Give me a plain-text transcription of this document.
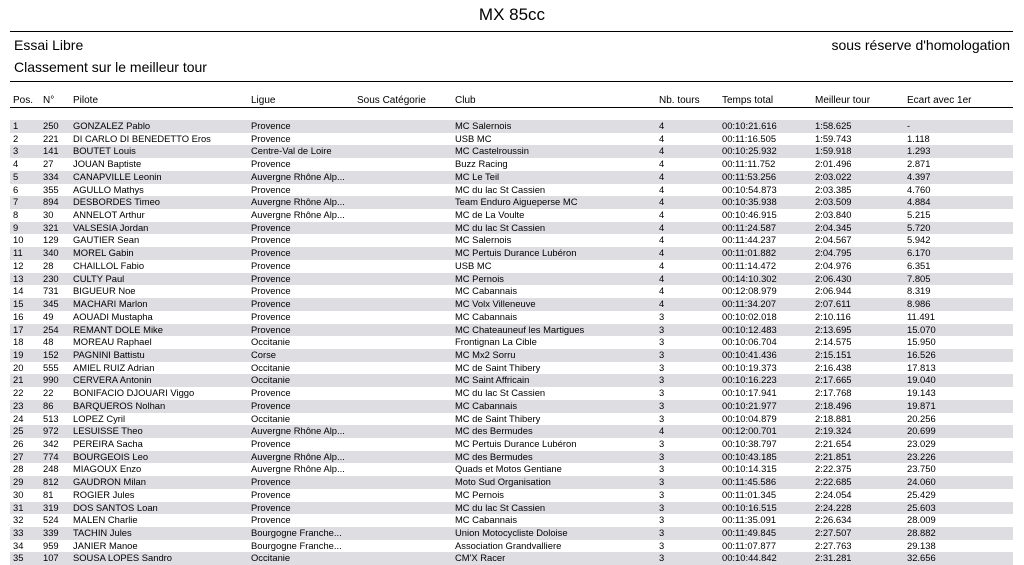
MX 85cc
Essai Libre
Classement sur le meilleur tour
sous réserve d'homologation
Pos. N°	Pilote	Ligue	Sous Catégorie	Club	Nb. tours	Temps total	Meilleur tour	Ecart avec 1er
1	250	GONZALEZ Pablo	Provence	MC Salernois	4	00:10:21.616	1:58.625	-
2	221	DI CARLO DI BENEDETTO Eros	Provence	USB MC	4	00:11:16.505	1:59.743	1.118
3	141	BOUTET Louis	Centre-Val de Loire	MC Castelroussin	4	00:10:25.932	1:59.918	1.293
4	27	JOUAN Baptiste	Provence	Buzz Racing	4	00:11:11.752	2:01.496	2.871
5	334	CANAPVILLE Leonin	Auvergne Rhône Alp...	MC Le Teil	4	00:11:53.256	2:03.022	4.397
6	355	AGULLO Mathys	Provence	MC du lac St Cassien	4	00:10:54.873	2:03.385	4.760
7	894	DESBORDES Timeo	Auvergne Rhône Alp...	Team Enduro Aigueperse MC	4	00:10:35.938	2:03.509	4.884
8	30	ANNELOT Arthur	Auvergne Rhône Alp...	MC de La Voulte	4	00:10:46.915	2:03.840	5.215
9	321	VALSESIA Jordan	Provence	MC du lac St Cassien	4	00:11:24.587	2:04.345	5.720
10	129	GAUTIER Sean	Provence	MC Salernois	4	00:11:44.237	2:04.567	5.942
11	340	MOREL Gabin	Provence	MC Pertuis Durance Lubéron	4	00:11:01.882	2:04.795	6.170
12	28	CHAILLOL Fabio	Provence	USB MC	4	00:11:14.472	2:04.976	6.351
13	230	CULTY Paul	Provence	MC Pernois	4	00:14:10.302	2:06.430	7.805
14	731	BIGUEUR Noe	Provence	MC Cabannais	4	00:12:08.979	2:06.944	8.319
15	345	MACHARI Marlon	Provence	MC Volx Villeneuve	4	00:11:34.207	2:07.611	8.986
16	49	AOUADI Mustapha	Provence	MC Cabannais	3	00:10:02.018	2:10.116	11.491
17	254	REMANT DOLE Mike	Provence	MC Chateauneuf les Martigues	3	00:10:12.483	2:13.695	15.070
18	48	MOREAU Raphael	Occitanie	Frontignan La Cible	3	00:10:06.704	2:14.575	15.950
19	152	PAGNINI Battistu	Corse	MC Mx2 Sorru	3	00:10:41.436	2:15.151	16.526
20	555	AMIEL RUIZ Adrian	Occitanie	MC de Saint Thibery	3	00:10:19.373	2:16.438	17.813
21	990	CERVERA Antonin	Occitanie	MC Saint Affricain	3	00:10:16.223	2:17.665	19.040
22	22	BONIFACIO DJOUARI Viggo	Provence	MC du lac St Cassien	3	00:10:17.941	2:17.768	19.143
23	86	BARQUEROS Nolhan	Provence	MC Cabannais	3	00:10:21.977	2:18.496	19.871
24	513	LOPEZ Cyril	Occitanie	MC de Saint Thibery	3	00:10:04.879	2:18.881	20.256
25	972	LESUISSE Theo	Auvergne Rhône Alp...	MC des Bermudes	4	00:12:00.701	2:19.324	20.699
26	342	PEREIRA Sacha	Provence	MC Pertuis Durance Lubéron	3	00:10:38.797	2:21.654	23.029
27	774	BOURGEOIS Leo	Auvergne Rhône Alp...	MC des Bermudes	3	00:10:43.185	2:21.851	23.226
28	248	MIAGOUX Enzo	Auvergne Rhône Alp...	Quads et Motos Gentiane	3	00:10:14.315	2:22.375	23.750
29	812	GAUDRON Milan	Provence	Moto Sud Organisation	3	00:11:45.586	2:22.685	24.060
30	81	ROGIER Jules	Provence	MC Pernois	3	00:11:01.345	2:24.054	25.429
31	319	DOS SANTOS Loan	Provence	MC du lac St Cassien	3	00:10:16.515	2:24.228	25.603
32	524	MALEN Charlie	Provence	MC Cabannais	3	00:11:35.091	2:26.634	28.009
33	339	TACHIN Jules	Bourgogne Franche...	Union Motocycliste Doloise	3	00:11:49.845	2:27.507	28.882
34	959	JANIER Manoe	Bourgogne Franche...	Association Grandvalliere	3	00:11:07.877	2:27.763	29.138
35	107	SOUSA LOPES Sandro	Occitanie	CM'X Racer	3	00:10:44.842	2:31.281	32.656
